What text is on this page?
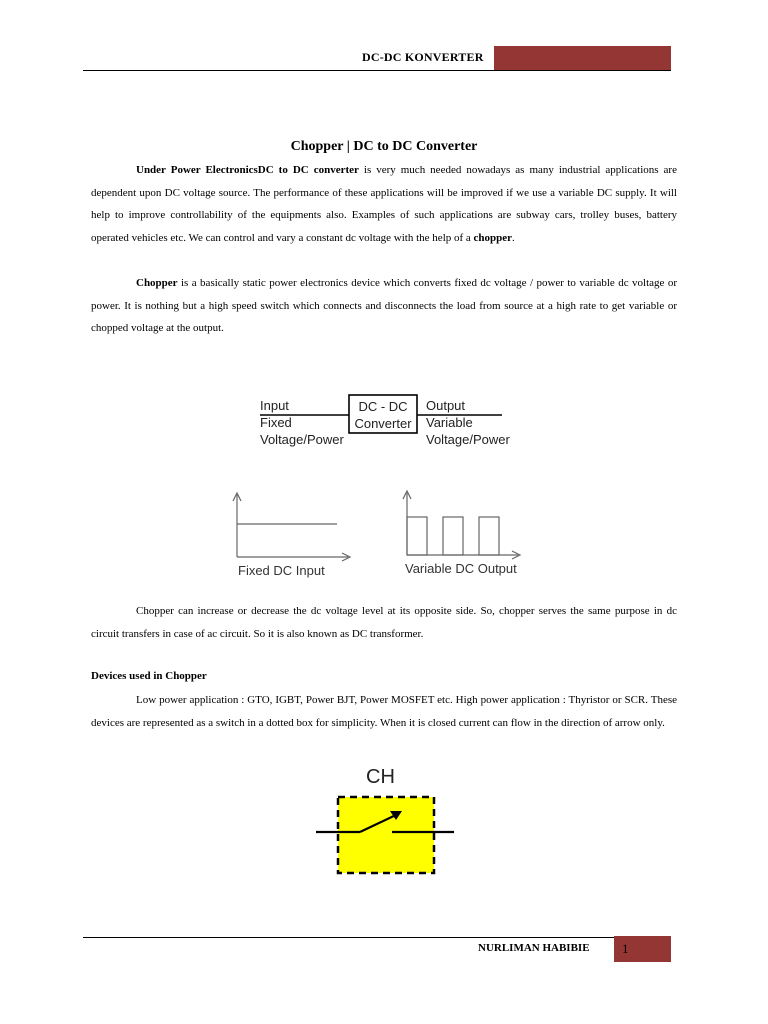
DC-DC KONVERTER
Chopper | DC to DC Converter
Under Power ElectronicsDC to DC converter is very much needed nowadays as many industrial applications are dependent upon DC voltage source. The performance of these applications will be improved if we use a variable DC supply. It will help to improve controllability of the equipments also. Examples of such applications are subway cars, trolley buses, battery operated vehicles etc. We can control and vary a constant dc voltage with the help of a chopper.
Chopper is a basically static power electronics device which converts fixed dc voltage / power to variable dc voltage or power. It is nothing but a high speed switch which connects and disconnects the load from source at a high rate to get variable or chopped voltage at the output.
Input
Fixed
Voltage/Power
DC - DC
Converter
Output
Variable
Voltage/Power
Fixed DC Input	Variable DC Output
Chopper can increase or decrease the dc voltage level at its opposite side. So, chopper serves the same purpose in dc circuit transfers in case of ac circuit. So it is also known as DC transformer.
Devices used in Chopper
Low power application : GTO, IGBT, Power BJT, Power MOSFET etc. High power application : Thyristor or SCR. These devices are represented as a switch in a dotted box for simplicity. When it is closed current can flow in the direction of arrow only.
CH
NURLIMAN HABIBIE 1
